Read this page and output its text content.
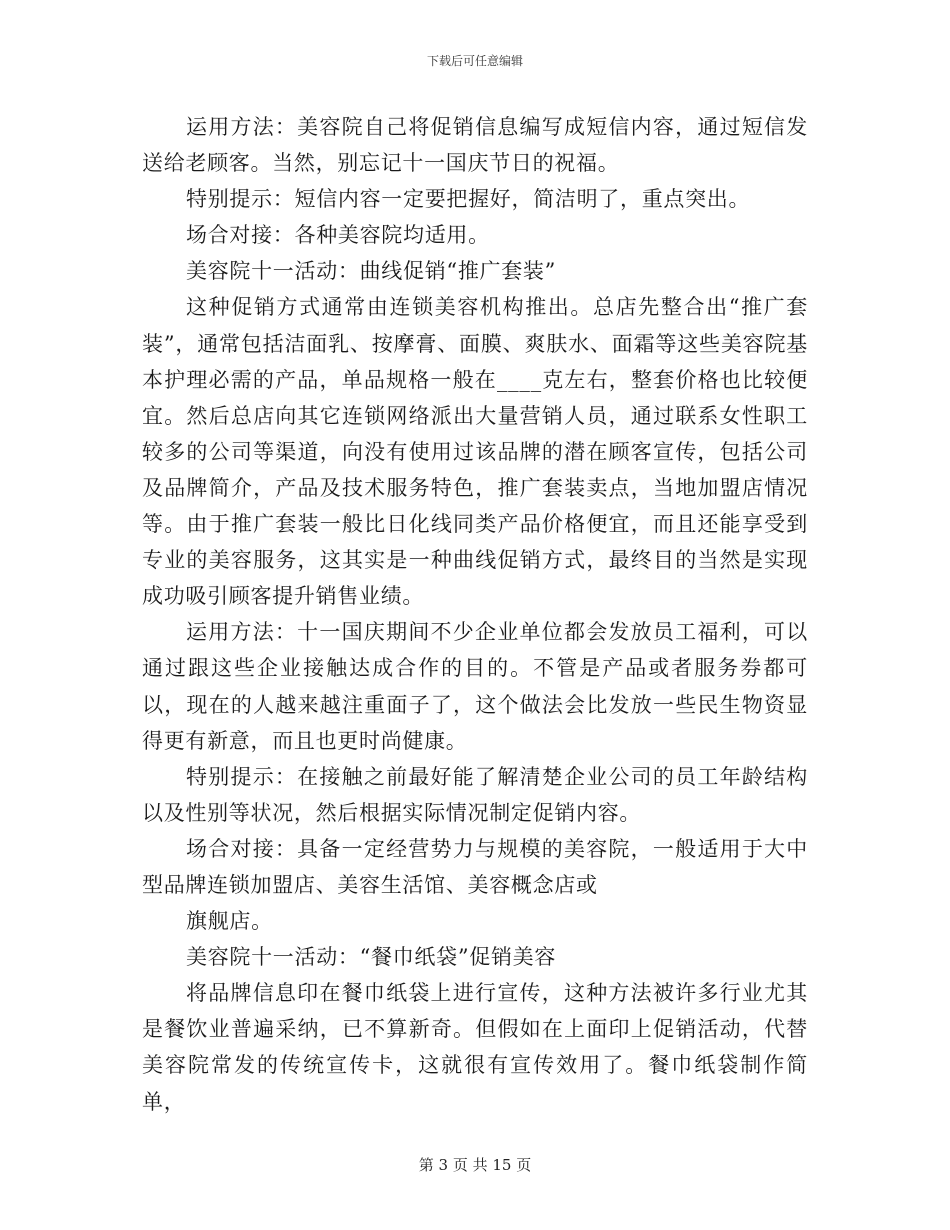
下载后可任意编辑

运用方法：美容院自己将促销信息编写成短信内容，通过短信发送给老顾客。当然，别忘记十一国庆节日的祝福。

特别提示：短信内容一定要把握好，简洁明了，重点突出。

场合对接：各种美容院均适用。

美容院十一活动：曲线促销“推广套装”

这种促销方式通常由连锁美容机构推出。总店先整合出“推广套装”，通常包括洁面乳、按摩膏、面膜、爽肤水、面霜等这些美容院基本护理必需的产品，单品规格一般在____克左右，整套价格也比较便宜。然后总店向其它连锁网络派出大量营销人员，通过联系女性职工较多的公司等渠道，向没有使用过该品牌的潜在顾客宣传，包括公司及品牌简介，产品及技术服务特色，推广套装卖点，当地加盟店情况等。由于推广套装一般比日化线同类产品价格便宜，而且还能享受到专业的美容服务，这其实是一种曲线促销方式，最终目的当然是实现成功吸引顾客提升销售业绩。

运用方法：十一国庆期间不少企业单位都会发放员工福利，可以通过跟这些企业接触达成合作的目的。不管是产品或者服务券都可以，现在的人越来越注重面子了，这个做法会比发放一些民生物资显得更有新意，而且也更时尚健康。

特别提示：在接触之前最好能了解清楚企业公司的员工年龄结构以及性别等状况，然后根据实际情况制定促销内容。

场合对接：具备一定经营势力与规模的美容院，一般适用于大中型品牌连锁加盟店、美容生活馆、美容概念店或

旗舰店。

美容院十一活动：“餐巾纸袋”促销美容

将品牌信息印在餐巾纸袋上进行宣传，这种方法被许多行业尤其是餐饮业普遍采纳，已不算新奇。但假如在上面印上促销活动，代替美容院常发的传统宣传卡，这就很有宣传效用了。餐巾纸袋制作简单，

第 3 页 共 15 页
